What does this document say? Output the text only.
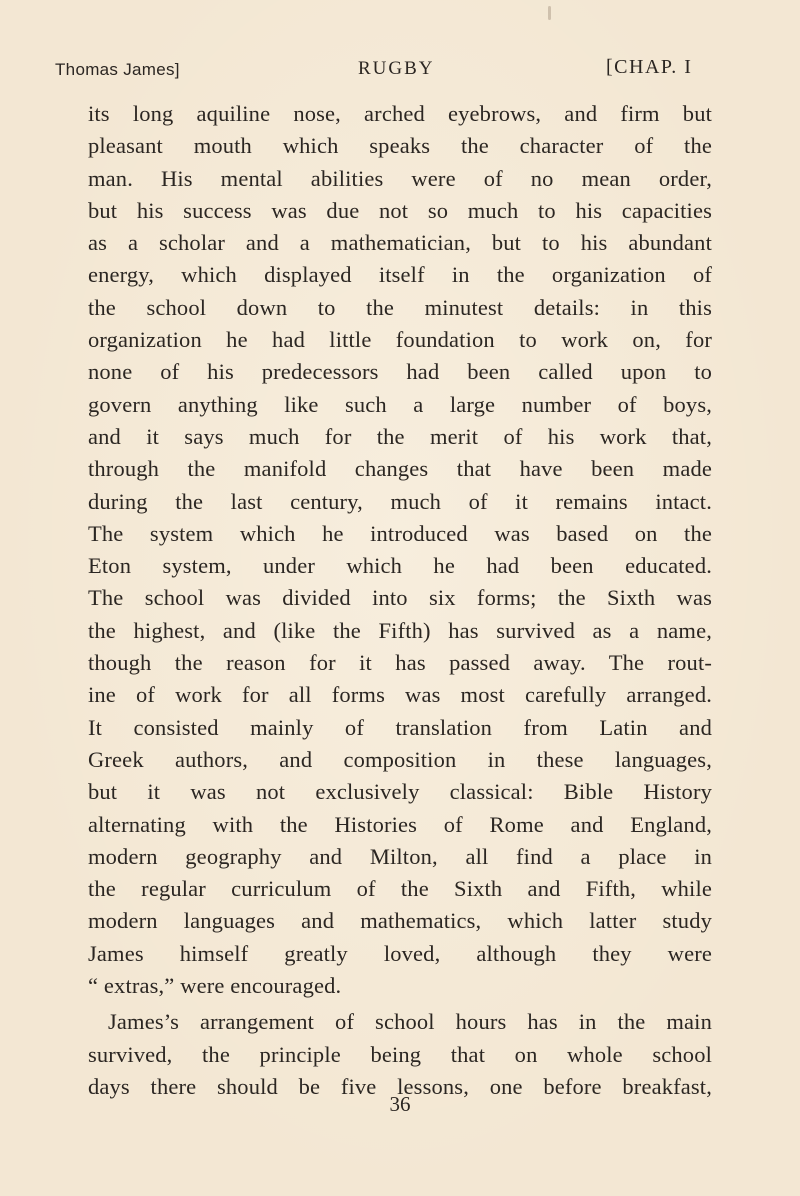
Thomas James]	RUGBY	[CHAP. I
its long aquiline nose, arched eyebrows, and firm but
pleasant mouth which speaks the character of the
man. His mental abilities were of no mean order,
but his success was due not so much to his capacities
as a scholar and a mathematician, but to his abundant
energy, which displayed itself in the organization of
the school down to the minutest details: in this
organization he had little foundation to work on, for
none of his predecessors had been called upon to
govern anything like such a large number of boys,
and it says much for the merit of his work that,
through the manifold changes that have been made
during the last century, much of it remains intact.
The system which he introduced was based on the
Eton system, under which he had been educated.
The school was divided into six forms; the Sixth was
the highest, and (like the Fifth) has survived as a name,
though the reason for it has passed away. The rout-
ine of work for all forms was most carefully arranged.
It consisted mainly of translation from Latin and
Greek authors, and composition in these languages,
but it was not exclusively classical: Bible History
alternating with the Histories of Rome and England,
modern geography and Milton, all find a place in
the regular curriculum of the Sixth and Fifth, while
modern languages and mathematics, which latter study
James himself greatly loved, although they were
“ extras,” were encouraged.
James’s arrangement of school hours has in the main
survived, the principle being that on whole school
days there should be five lessons, one before breakfast,
36
